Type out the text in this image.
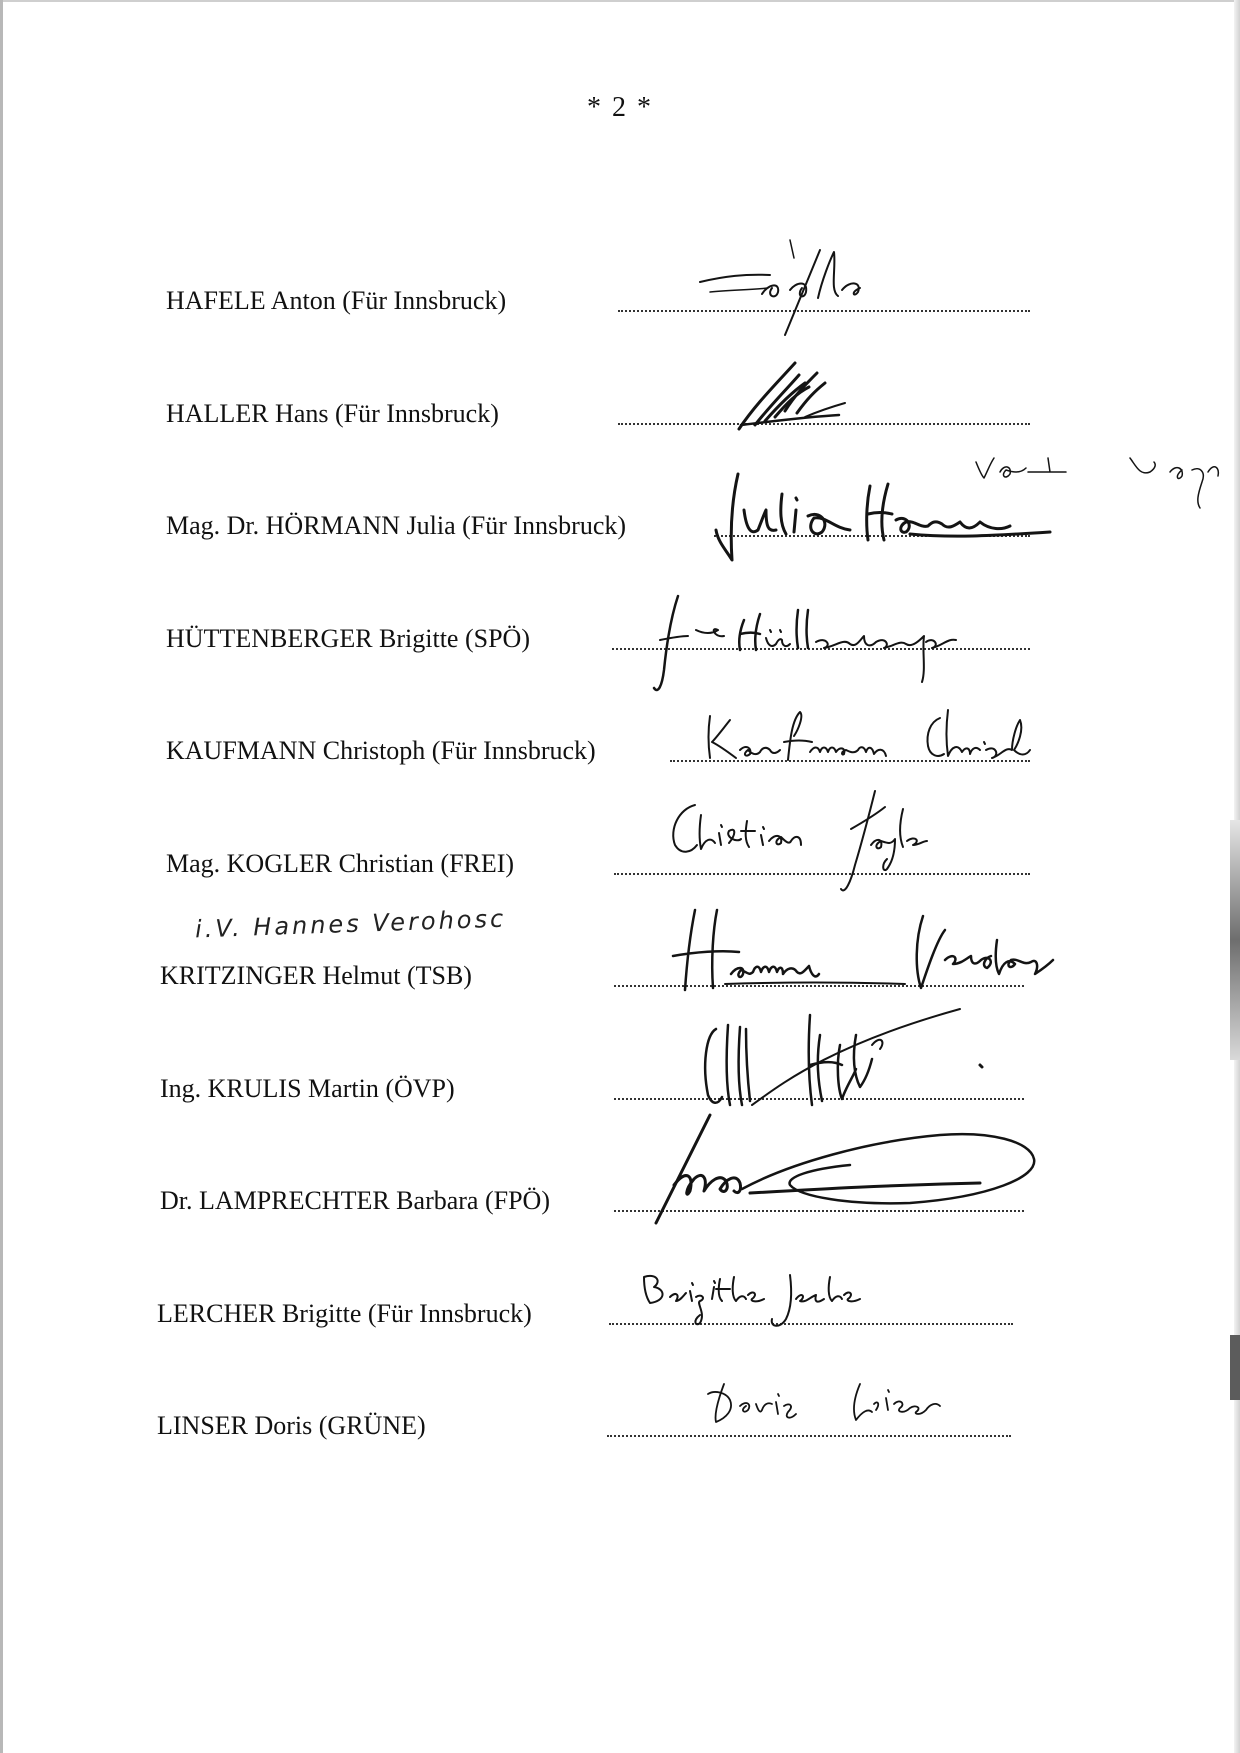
* 2 *
HAFELE Anton (Für Innsbruck)
HALLER Hans (Für Innsbruck)
Mag. Dr. HÖRMANN Julia (Für Innsbruck)
HÜTTENBERGER Brigitte (SPÖ)
KAUFMANN Christoph (Für Innsbruck)
Mag. KOGLER Christian (FREI)
i.V. Hannes Verohosc
KRITZINGER Helmut (TSB)
Ing. KRULIS Martin (ÖVP)
Dr. LAMPRECHTER Barbara (FPÖ)
LERCHER Brigitte (Für Innsbruck)
LINSER Doris (GRÜNE)
